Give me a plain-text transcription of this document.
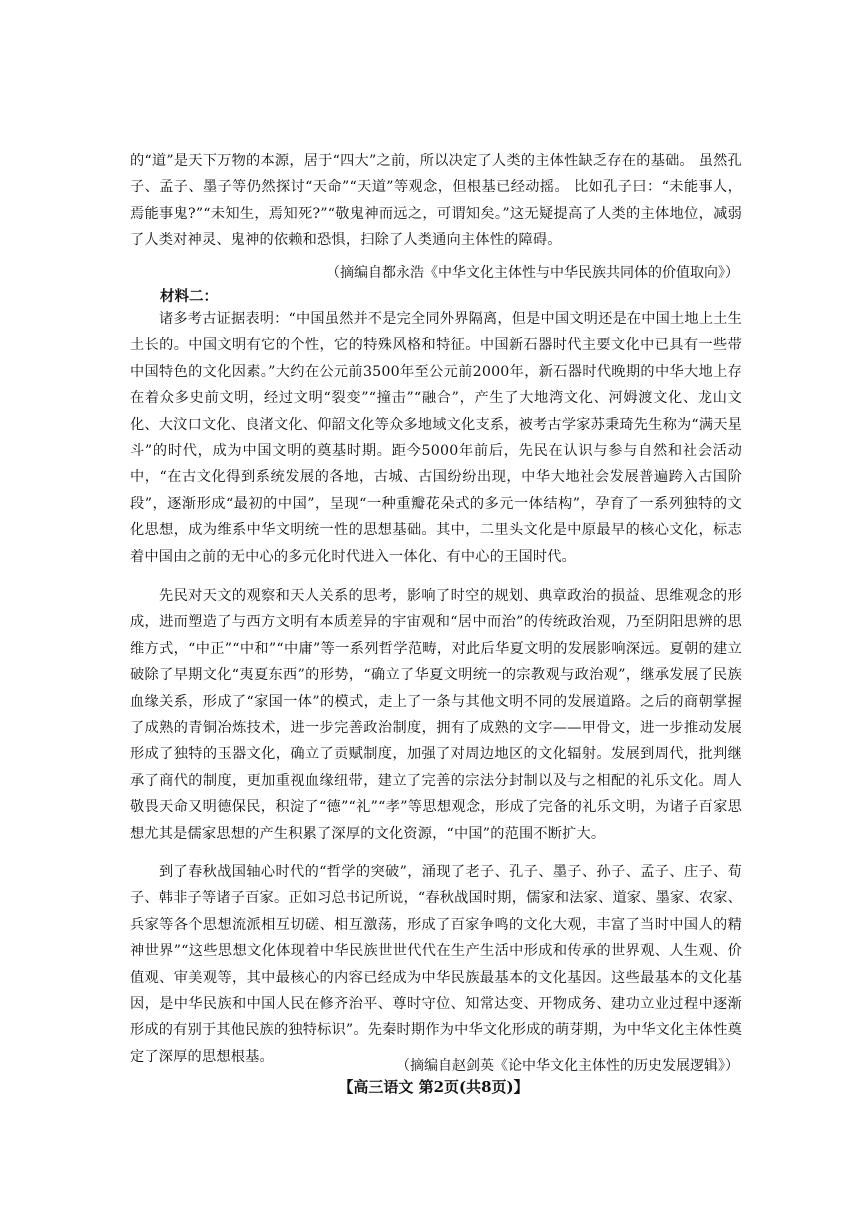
的“道”是天下万物的本源，居于“四大”之前，所以决定了人类的主体性缺乏存在的基础。 虽然孔子、孟子、墨子等仍然探讨“天命”“天道”等观念，但根基已经动摇。 比如孔子曰：“未能事人，焉能事鬼?”“未知生，焉知死?”“敬鬼神而远之，可谓知矣。”这无疑提高了人类的主体地位，减弱了人类对神灵、鬼神的依赖和恐惧，扫除了人类通向主体性的障碍。

（摘编自都永浩《中华文化主体性与中华民族共同体的价值取向》）

材料二：

诸多考古证据表明：“中国虽然并不是完全同外界隔离，但是中国文明还是在中国土地上土生土长的。中国文明有它的个性，它的特殊风格和特征。中国新石器时代主要文化中已具有一些带中国特色的文化因素。”大约在公元前3500年至公元前2000年，新石器时代晚期的中华大地上存在着众多史前文明，经过文明“裂变”“撞击”“融合”，产生了大地湾文化、河姆渡文化、龙山文化、大汶口文化、良渚文化、仰韶文化等众多地域文化支系，被考古学家苏秉琦先生称为“满天星斗”的时代，成为中国文明的奠基时期。距今5000年前后，先民在认识与参与自然和社会活动中，“在古文化得到系统发展的各地，古城、古国纷纷出现，中华大地社会发展普遍跨入古国阶段”，逐渐形成“最初的中国”，呈现“一种重瓣花朵式的多元一体结构”，孕育了一系列独特的文化思想，成为维系中华文明统一性的思想基础。其中，二里头文化是中原最早的核心文化，标志着中国由之前的无中心的多元化时代进入一体化、有中心的王国时代。

先民对天文的观察和天人关系的思考，影响了时空的规划、典章政治的损益、思维观念的形成，进而塑造了与西方文明有本质差异的宇宙观和“居中而治”的传统政治观，乃至阴阳思辨的思维方式，“中正”“中和”“中庸”等一系列哲学范畴，对此后华夏文明的发展影响深远。夏朝的建立破除了早期文化“夷夏东西”的形势，“确立了华夏文明统一的宗教观与政治观”，继承发展了民族血缘关系，形成了“家国一体”的模式，走上了一条与其他文明不同的发展道路。之后的商朝掌握了成熟的青铜冶炼技术，进一步完善政治制度，拥有了成熟的文字——甲骨文，进一步推动发展形成了独特的玉器文化，确立了贡赋制度，加强了对周边地区的文化辐射。发展到周代，批判继承了商代的制度，更加重视血缘纽带，建立了完善的宗法分封制以及与之相配的礼乐文化。周人敬畏天命又明德保民，积淀了“德”“礼”“孝”等思想观念，形成了完备的礼乐文明，为诸子百家思想尤其是儒家思想的产生积累了深厚的文化资源，“中国”的范围不断扩大。

到了春秋战国轴心时代的“哲学的突破”，涌现了老子、孔子、墨子、孙子、孟子、庄子、荀子、韩非子等诸子百家。正如习总书记所说，“春秋战国时期，儒家和法家、道家、墨家、农家、兵家等各个思想流派相互切磋、相互激荡，形成了百家争鸣的文化大观，丰富了当时中国人的精神世界”“这些思想文化体现着中华民族世世代代在生产生活中形成和传承的世界观、人生观、价值观、审美观等，其中最核心的内容已经成为中华民族最基本的文化基因。这些最基本的文化基因，是中华民族和中国人民在修齐治平、尊时守位、知常达变、开物成务、建功立业过程中逐渐形成的有别于其他民族的独特标识”。先秦时期作为中华文化形成的萌芽期，为中华文化主体性奠定了深厚的思想根基。

（摘编自赵剑英《论中华文化主体性的历史发展逻辑》）

【高三语文 第2页(共8页)】
